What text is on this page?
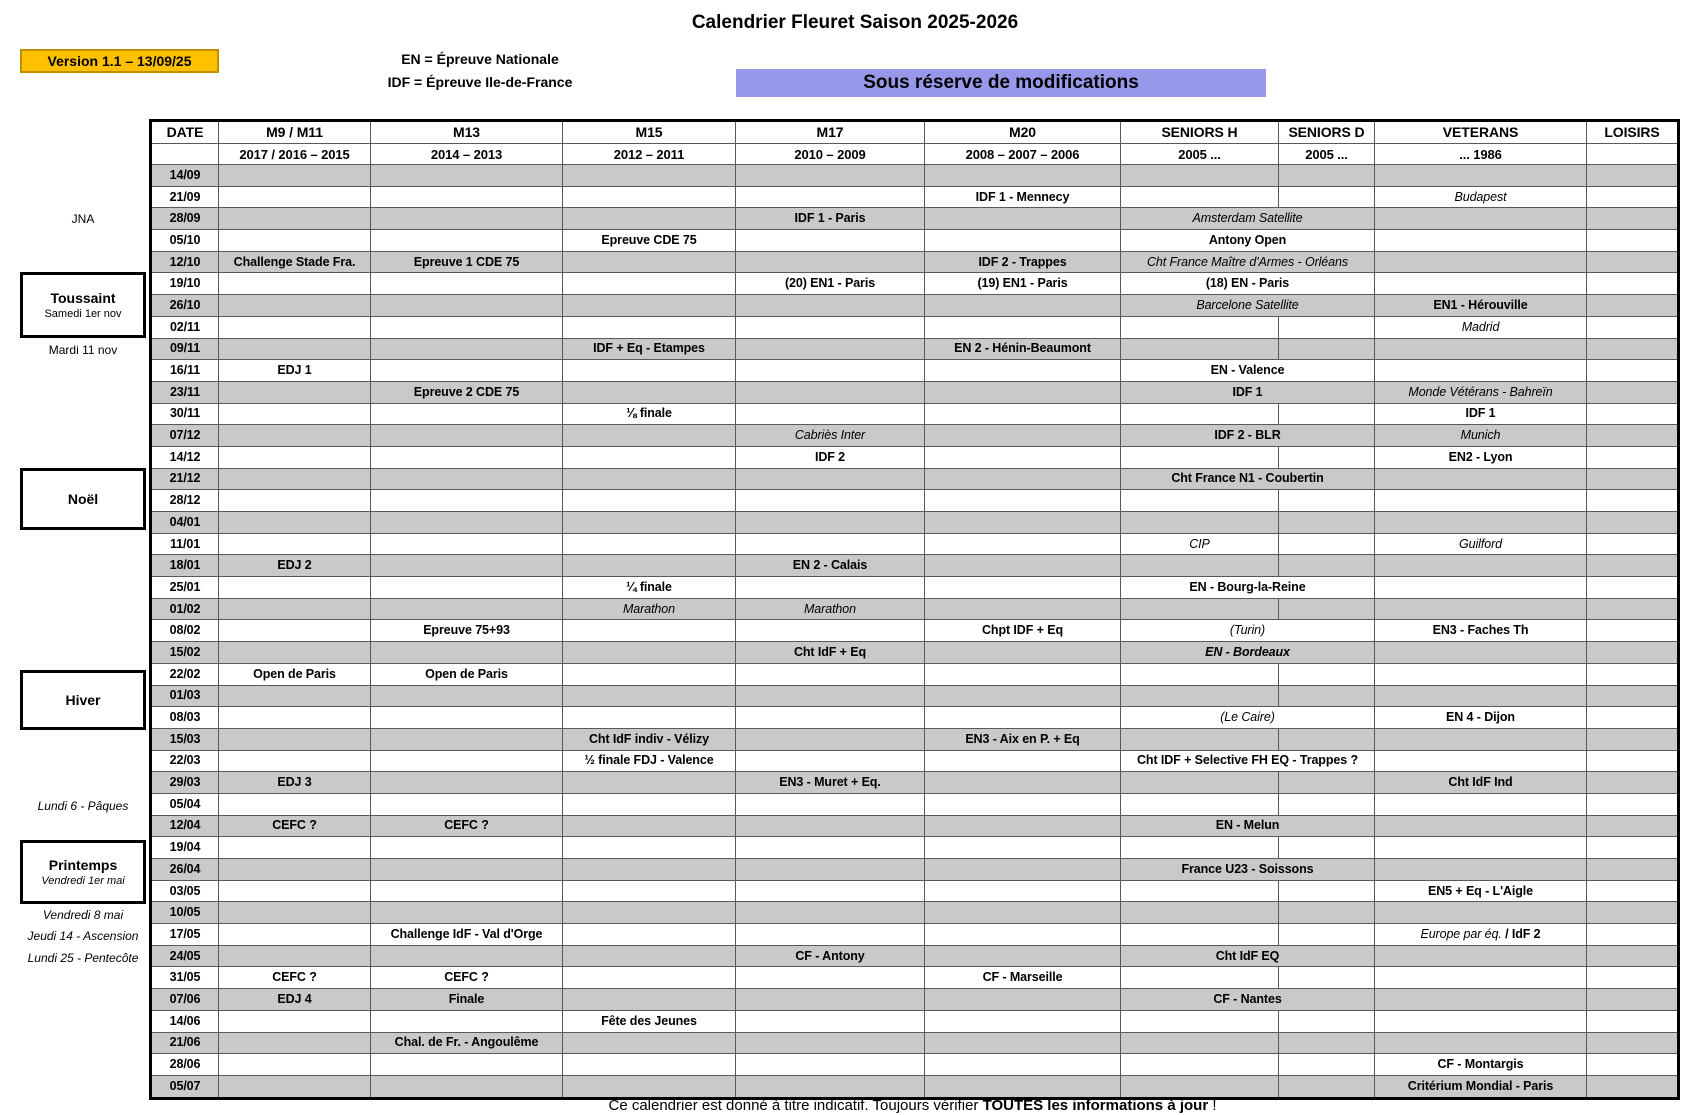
Calendrier Fleuret Saison 2025-2026
Version 1.1 – 13/09/25	EN = Épreuve Nationale
IDF = Épreuve Ile-de-France	Sous réserve de modifications
JNA
Toussaint
Samedi 1er nov
Mardi 11 nov
Noël
Hiver
Lundi 6 - Pâques
Printemps
Vendredi 1er mai
Vendredi 8 mai
Jeudi 14 - Ascension
Lundi 25 - Pentecôte
DATE	M9 / M11	M13	M15	M17	M20	SENIORS H	SENIORS D	VETERANS	LOISIRS
	2017 / 2016 – 2015	2014 – 2013	2012 – 2011	2010 – 2009	2008 – 2007 – 2006	2005 ...	2005 ...	... 1986	
14/09									
21/09					IDF 1 - Mennecy			Budapest	
28/09				IDF 1 - Paris		Amsterdam Satellite			
05/10			Epreuve CDE 75			Antony Open			
12/10	Challenge Stade Fra.	Epreuve 1 CDE 75			IDF 2 - Trappes	Cht France Maître d'Armes - Orléans			
19/10				(20) EN1 - Paris	(19) EN1 - Paris	(18) EN - Paris			
26/10						Barcelone Satellite		EN1 - Hérouville	
02/11								Madrid	
09/11			IDF + Eq - Etampes		EN 2 - Hénin-Beaumont				
16/11	EDJ 1					EN - Valence			
23/11		Epreuve 2 CDE 75				IDF 1		Monde Vétérans - Bahreïn	
30/11			⅛ finale					IDF 1	
07/12				Cabriès Inter		IDF 2 - BLR		Munich	
14/12				IDF 2				EN2 - Lyon	
21/12						Cht France N1 - Coubertin			
28/12									
04/01									
11/01						CIP		Guilford	
18/01	EDJ 2			EN 2 - Calais					
25/01			¼ finale			EN - Bourg-la-Reine			
01/02			Marathon	Marathon					
08/02		Epreuve 75+93			Chpt IDF + Eq	(Turin)		EN3 - Faches Th	
15/02				Cht IdF + Eq		EN - Bordeaux			
22/02	Open de Paris	Open de Paris							
01/03									
08/03						(Le Caire)		EN 4 - Dijon	
15/03			Cht IdF indiv - Vélizy		EN3 - Aix en P. + Eq				
22/03			½ finale FDJ - Valence			Cht IDF + Selective FH EQ - Trappes ?			
29/03	EDJ 3			EN3 - Muret + Eq.				Cht IdF Ind	
05/04									
12/04	CEFC ?	CEFC ?				EN - Melun			
19/04									
26/04						France U23 - Soissons			
03/05								EN5 + Eq - L'Aigle	
10/05									
17/05		Challenge IdF - Val d'Orge						Europe par éq. / IdF 2	
24/05				CF - Antony		Cht IdF EQ			
31/05	CEFC ?	CEFC ?			CF - Marseille				
07/06	EDJ 4	Finale				CF - Nantes			
14/06			Fête des Jeunes						
21/06		Chal. de Fr. - Angoulême							
28/06								CF - Montargis	
05/07								Critérium Mondial - Paris	
Ce calendrier est donné à titre indicatif. Toujours vérifier TOUTES les informations à jour !
